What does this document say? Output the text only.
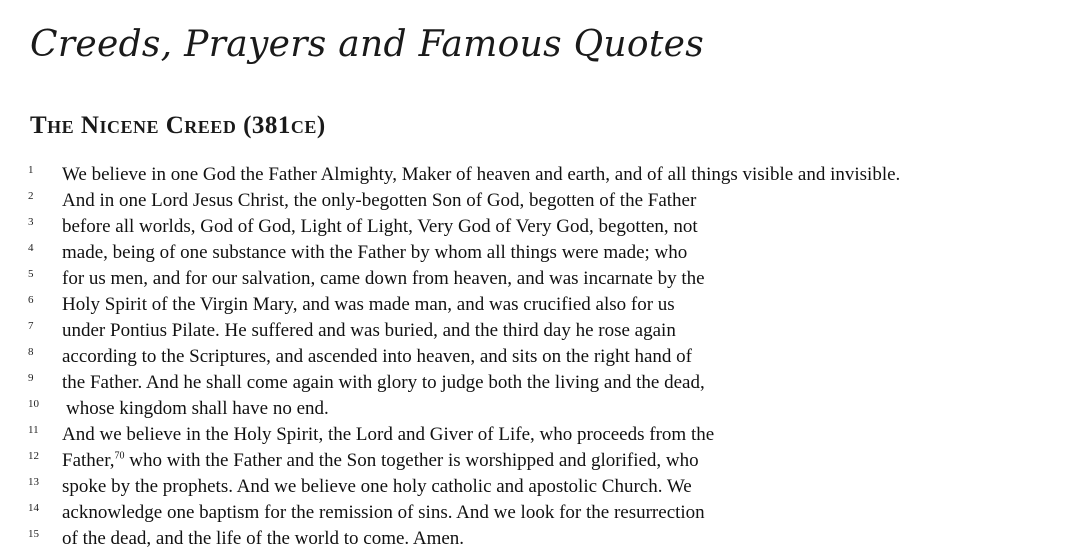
Creeds, Prayers and Famous Quotes
The Nicene Creed (381ce)
1	We believe in one God the Father Almighty, Maker of heaven and earth, and of all things visible and invisible.
2	And in one Lord Jesus Christ, the only-begotten Son of God, begotten of the Father
3	before all worlds, God of God, Light of Light, Very God of Very God, begotten, not
4	made, being of one substance with the Father by whom all things were made; who
5	for us men, and for our salvation, came down from heaven, and was incarnate by the
6	Holy Spirit of the Virgin Mary, and was made man, and was crucified also for us
7	under Pontius Pilate. He suffered and was buried, and the third day he rose again
8	according to the Scriptures, and ascended into heaven, and sits on the right hand of
9	the Father. And he shall come again with glory to judge both the living and the dead,
10	whose kingdom shall have no end.
11	And we believe in the Holy Spirit, the Lord and Giver of Life, who proceeds from the
12	Father,$^{70}$ who with the Father and the Son together is worshipped and glorified, who
13	spoke by the prophets. And we believe one holy catholic and apostolic Church. We
14	acknowledge one baptism for the remission of sins. And we look for the resurrection
15	of the dead, and the life of the world to come. Amen.
